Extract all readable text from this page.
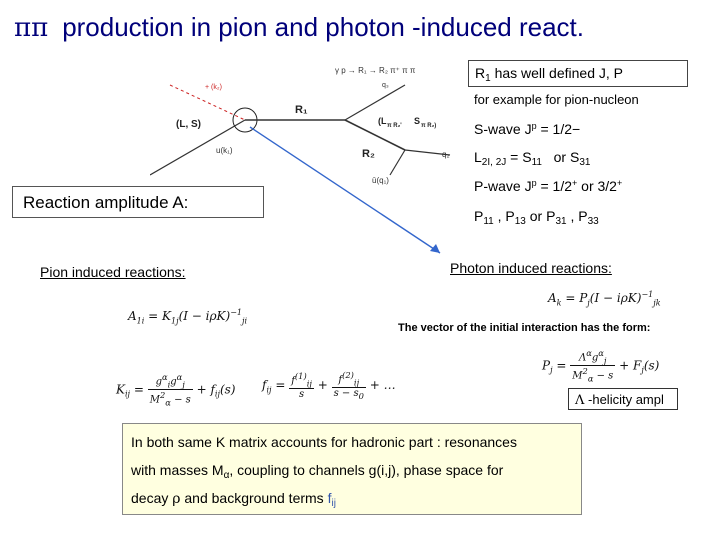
ππ production in pion and photon -induced react.
γ p → R₁ → R₂ π⁺ π π
q₃
+ (k₂)
R₁
(L, S)	(L π R₂' S π R₂)
R₂	q₂
u(k₁)
ū(q₁)
$R_1$ has well defined J, P
for example for pion-nucleon
S-wave $J^p = 1/2-$
$L_{2I, 2J} = S_{11}$ or $S_{31}$
P-wave $J^p = 1/2^+$ or 3/2+
$P_{11}$ , $P_{13}$ or $P_{31}$ , $P_{33}$
Reaction amplitude A:
Pion induced reactions:	Photon induced reactions:
$A_k = P_j(I - i\rho K)^{-1}_{jk}$
$A_{1i} = K_{1j}(I - i\rho K)^{-1}_{ji}$
The vector of the initial interaction has the form:
$P_j = \frac{\Lambda^\alpha g^\alpha_j}{M^2_\alpha - s} + F_j(s)$
$K_{ij} = \frac{g^\alpha_ig^\alpha_j}{M^2_\alpha - s} + f_{ij}(s) f_{ij} = \frac{f^{(1)}_{ij}}{s} + \frac{f^{(2)}_{ij}}{s - s_0}$ + …
Λ -helicity ampl
In both same K matrix accounts for hadronic part : resonances
with masses $M_\alpha$, coupling to channels g(i,j), phase space for
decay ρ and background terms $f_{ij}$
